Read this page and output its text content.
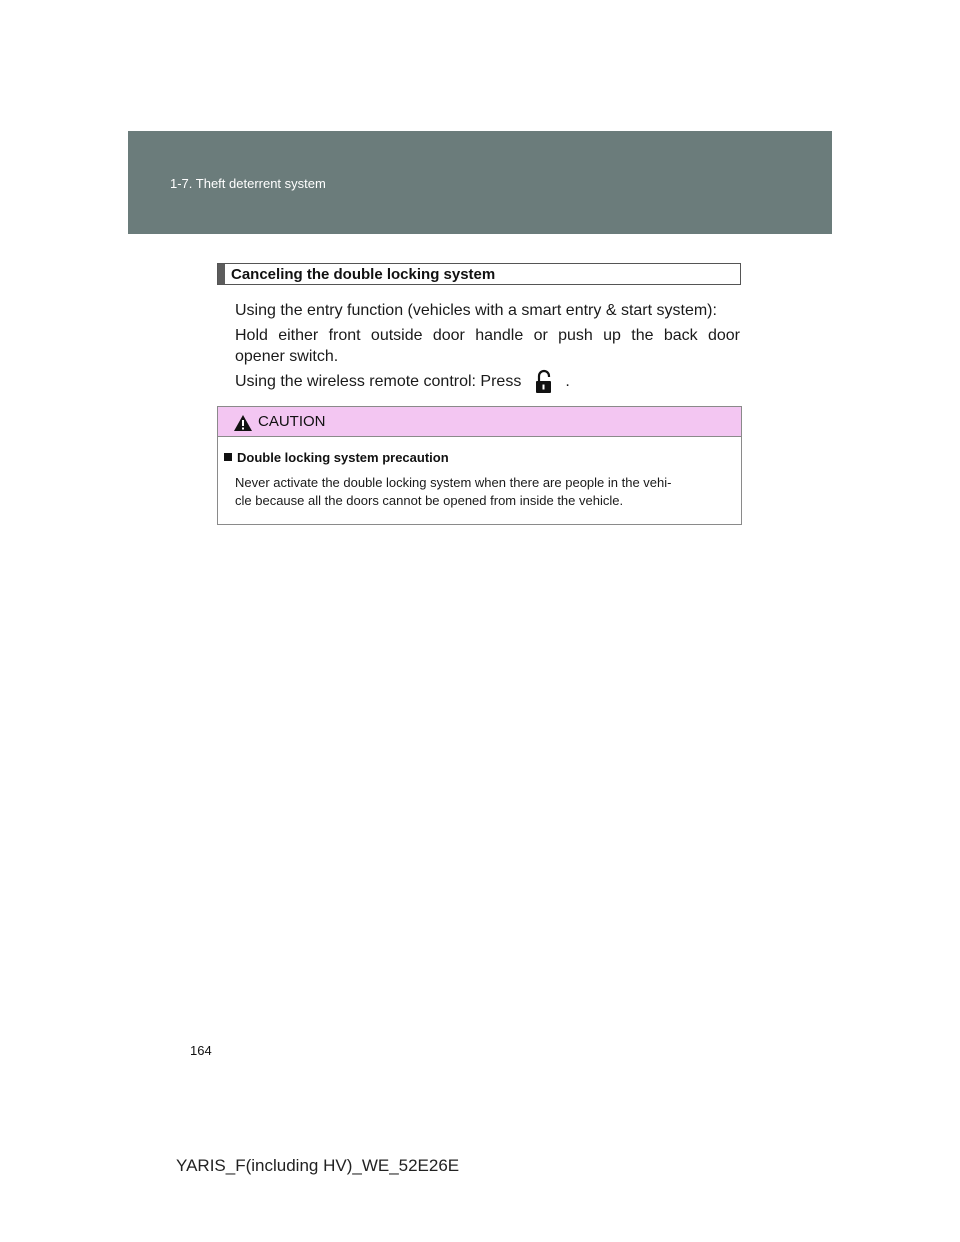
1-7. Theft deterrent system
Canceling the double locking system
Using the entry function (vehicles with a smart entry & start system):
Hold either front outside door handle or push up the back door
opener switch.
Using the wireless remote control: Press	.
CAUTION
Double locking system precaution
Never activate the double locking system when there are people in the vehi-
cle because all the doors cannot be opened from inside the vehicle.
164
YARIS_F(including HV)_WE_52E26E
